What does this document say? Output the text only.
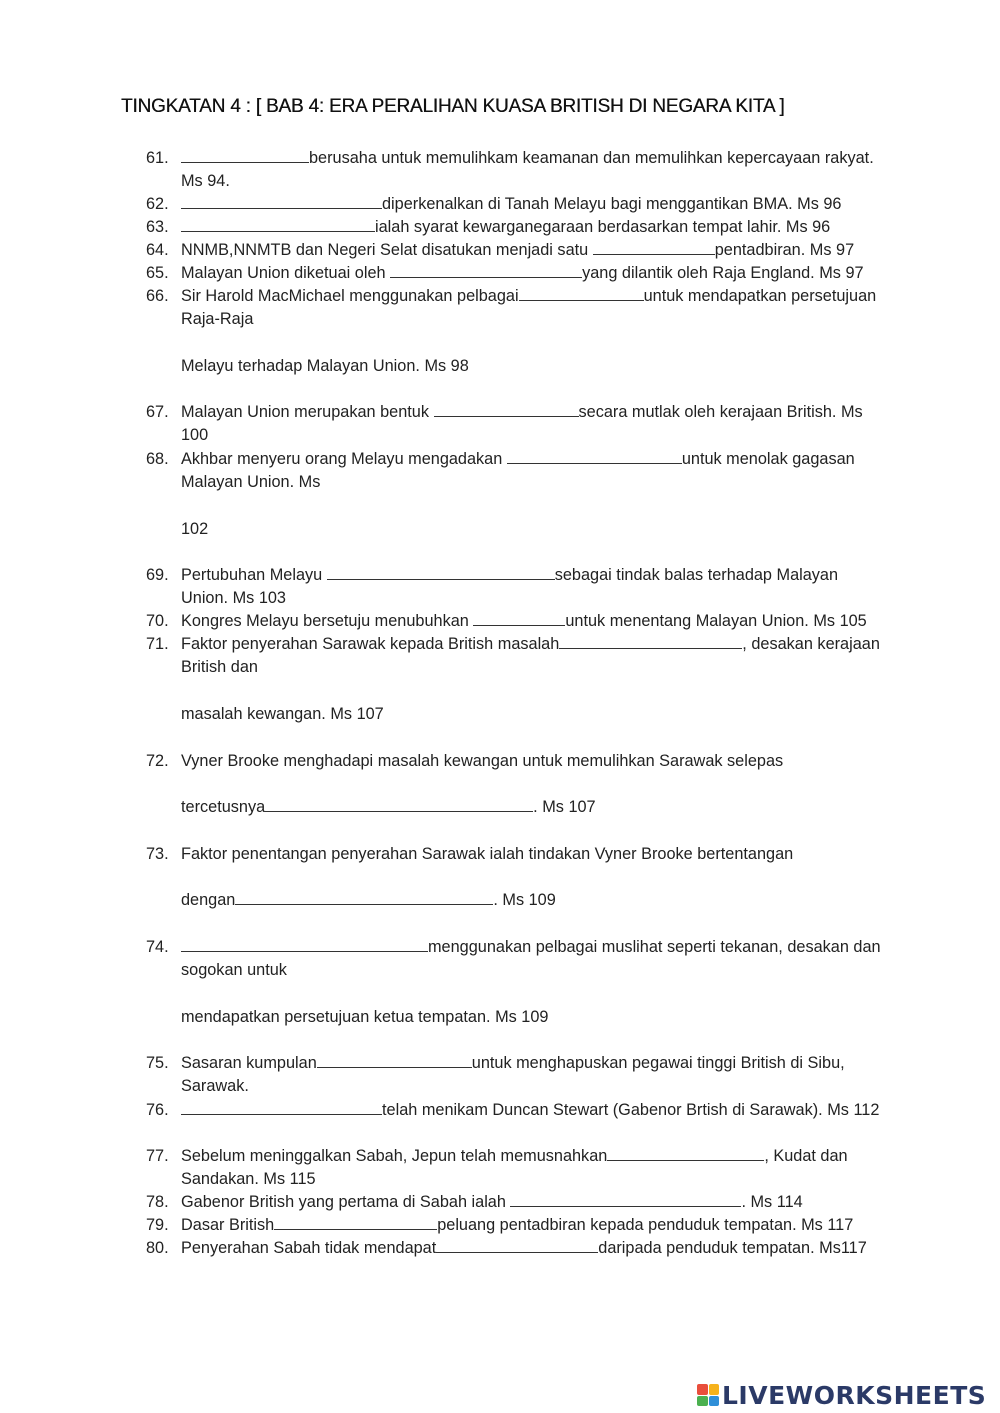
TINGKATAN 4 : [ BAB 4: ERA PERALIHAN KUASA BRITISH DI NEGARA KITA ]
61.	berusaha untuk memulihkam keamanan dan memulihkan kepercayaan rakyat. Ms 94.
62.	diperkenalkan di Tanah Melayu bagi menggantikan BMA. Ms 96
63.	ialah syarat kewarganegaraan berdasarkan tempat lahir. Ms 96
64. NNMB,NNMTB dan Negeri Selat disatukan menjadi satu	pentadbiran. Ms 97
65. Malayan Union diketuai oleh	yang dilantik oleh Raja England. Ms 97
66. Sir Harold MacMichael menggunakan pelbagai	untuk mendapatkan persetujuan Raja-Raja
Melayu terhadap Malayan Union. Ms 98
67. Malayan Union merupakan bentuk	secara mutlak oleh kerajaan British. Ms 100
68. Akhbar menyeru orang Melayu mengadakan	untuk menolak gagasan Malayan Union. Ms
102
69. Pertubuhan Melayu	sebagai tindak balas terhadap Malayan Union. Ms 103
70. Kongres Melayu bersetuju menubuhkan	untuk menentang Malayan Union. Ms 105
71. Faktor penyerahan Sarawak kepada British masalah	, desakan kerajaan British dan
masalah kewangan. Ms 107
72. Vyner Brooke menghadapi masalah kewangan untuk memulihkan Sarawak selepas
tercetusnya	. Ms 107
73. Faktor penentangan penyerahan Sarawak ialah tindakan Vyner Brooke bertentangan
dengan	. Ms 109
74.	menggunakan pelbagai muslihat seperti tekanan, desakan dan sogokan untuk
mendapatkan persetujuan ketua tempatan. Ms 109
75. Sasaran kumpulan	untuk menghapuskan pegawai tinggi British di Sibu, Sarawak.
76.	telah menikam Duncan Stewart (Gabenor Brtish di Sarawak). Ms 112
77. Sebelum meninggalkan Sabah, Jepun telah memusnahkan	, Kudat dan Sandakan. Ms 115
78. Gabenor British yang pertama di Sabah ialah	. Ms 114
79. Dasar British	peluang pentadbiran kepada penduduk tempatan. Ms 117
80. Penyerahan Sabah tidak mendapat	daripada penduduk tempatan. Ms117
LIVEWORKSHEETS
